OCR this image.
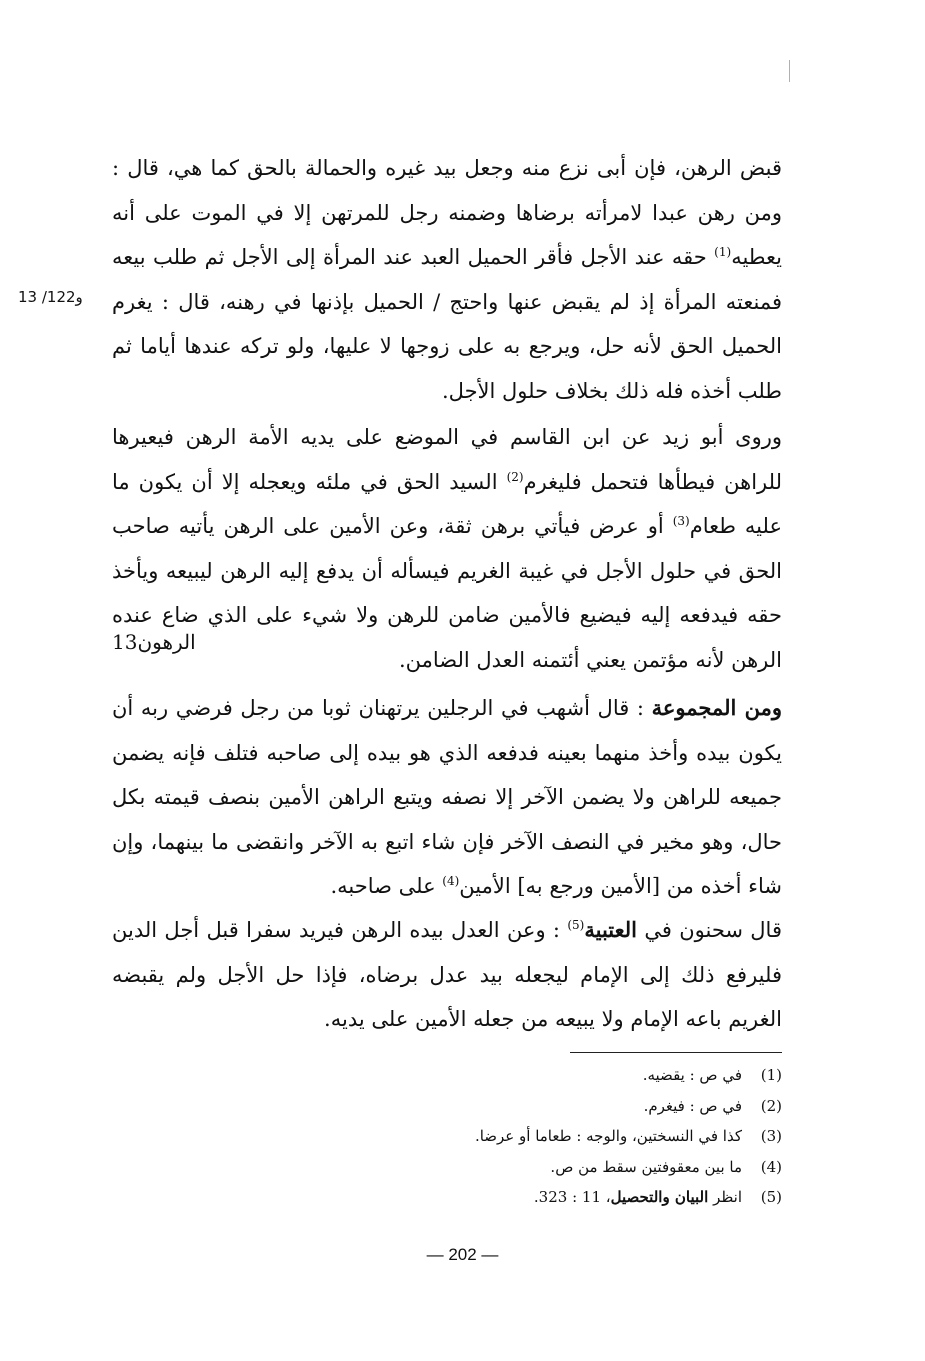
13 /122و
قبض الرهن، فإن أبى نزع منه وجعل بيد غيره والحمالة بالحق كما هي، قال : ومن رهن عبدا لامرأته برضاها وضمنه رجل للمرتهن إلا في الموت على أنه يعطيه$^{(1)}$ حقه عند الأجل فأقر الحميل العبد عند المرأة إلى الأجل ثم طلب بيعه فمنعته المرأة إذ لم يقبض عنها واحتج / الحميل بإذنها في رهنه، قال : يغرم الحميل الحق لأنه حل، ويرجع به على زوجها لا عليها، ولو تركه عندها أياما ثم طلب أخذه فله ذلك بخلاف حلول الأجل.
وروى أبو زيد عن ابن القاسم في الموضع على يديه الأمة الرهن فيعيرها للراهن فيطأها فتحمل فليغرم$^{(2)}$ السيد الحق في ملئه ويعجله إلا أن يكون ما عليه طعام$^{(3)}$ أو عرض فيأتي برهن ثقة، وعن الأمين على الرهن يأتيه صاحب الحق في حلول الأجل في غيبة الغريم فيسأله أن يدفع إليه الرهن ليبيعه ويأخذ حقه فيدفعه إليه فيضيع فالأمين ضامن للرهن ولا شيء على الذي ضاع عنده الرهن لأنه مؤتمن يعني أئتمنه العدل الضامن.
الرهون13
ومن المجموعة : قال أشهب في الرجلين يرتهنان ثوبا من رجل فرضي ربه أن يكون بيده وأخذ منهما بعينه فدفعه الذي هو بيده إلى صاحبه فتلف فإنه يضمن جميعه للراهن ولا يضمن الآخر إلا نصفه ويتبع الراهن الأمين بنصف قيمته بكل حال، وهو مخير في النصف الآخر فإن شاء اتبع به الآخر وانقضى ما بينهما، وإن شاء أخذه من [الأمين ورجع به] الأمين$^{(4)}$ على صاحبه.
قال سحنون في العتبية$^{(5)}$ : وعن العدل بيده الرهن فيريد سفرا قبل أجل الدين فليرفع ذلك إلى الإمام ليجعله بيد عدل برضاه، فإذا حل الأجل ولم يقبضه الغريم باعه الإمام ولا يبيعه من جعله الأمين على يديه.
(1)
في ص : يقضيه.
(2)
في ص : فيغرم.
(3)
كذا في النسختين، والوجه : طعاما أو عرضا.
(4)
ما بين معقوفتين سقط من ص.
(5)
انظر البيان والتحصيل، 11 : 323.
— 202 —
